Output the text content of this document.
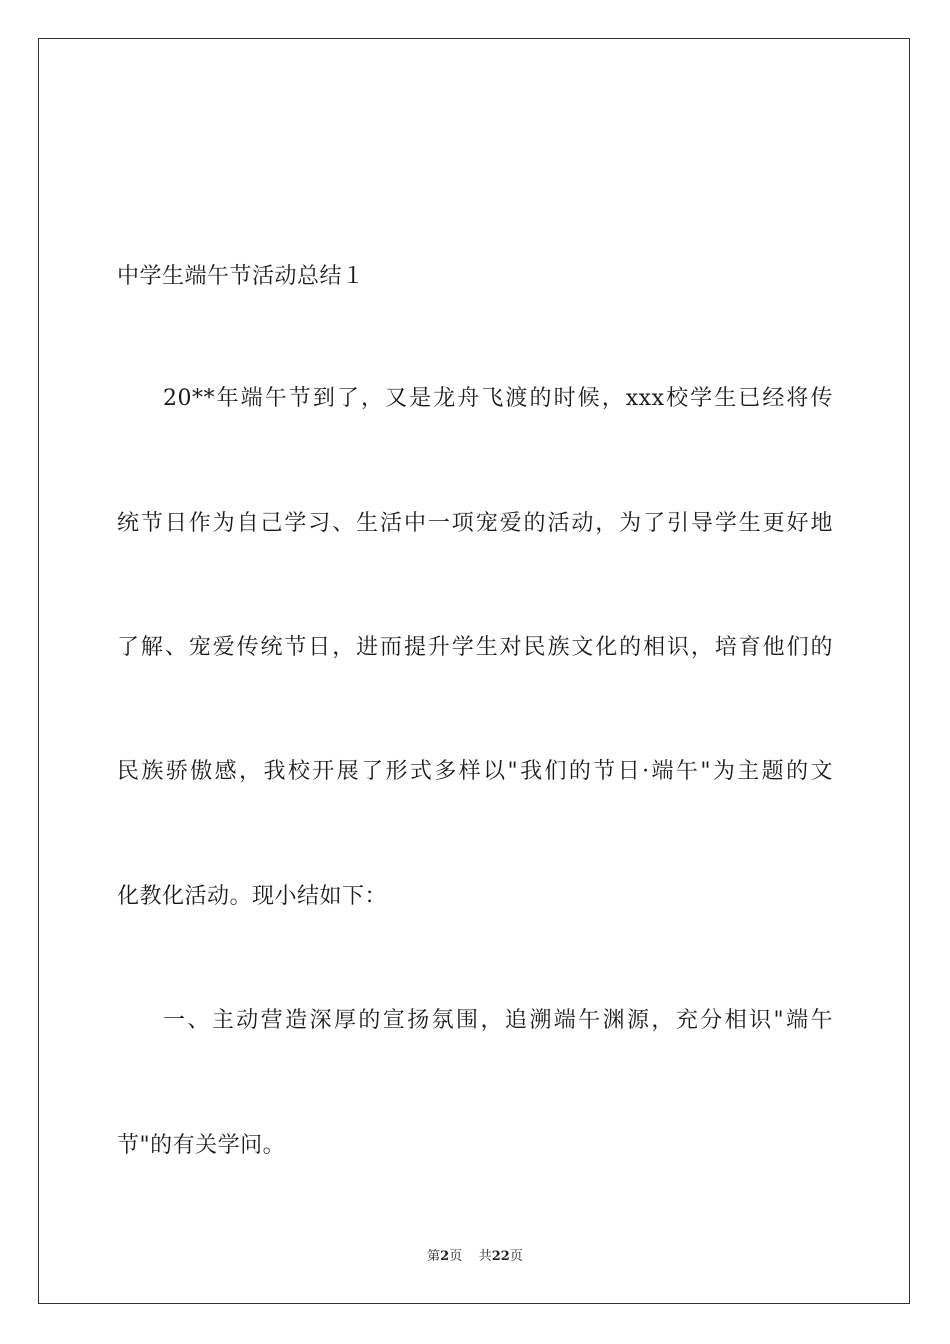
中学生端午节活动总结１
20**年端午节到了，又是龙舟飞渡的时候，xxx校学生已经将传
统节日作为自己学习、生活中一项宠爱的活动，为了引导学生更好地
了解、宠爱传统节日，进而提升学生对民族文化的相识，培育他们的
民族骄傲感，我校开展了形式多样以"我们的节日·端午"为主题的文
化教化活动。现小结如下：
一、主动营造深厚的宣扬氛围，追溯端午渊源，充分相识"端午
节"的有关学问。
第2页 共22页
